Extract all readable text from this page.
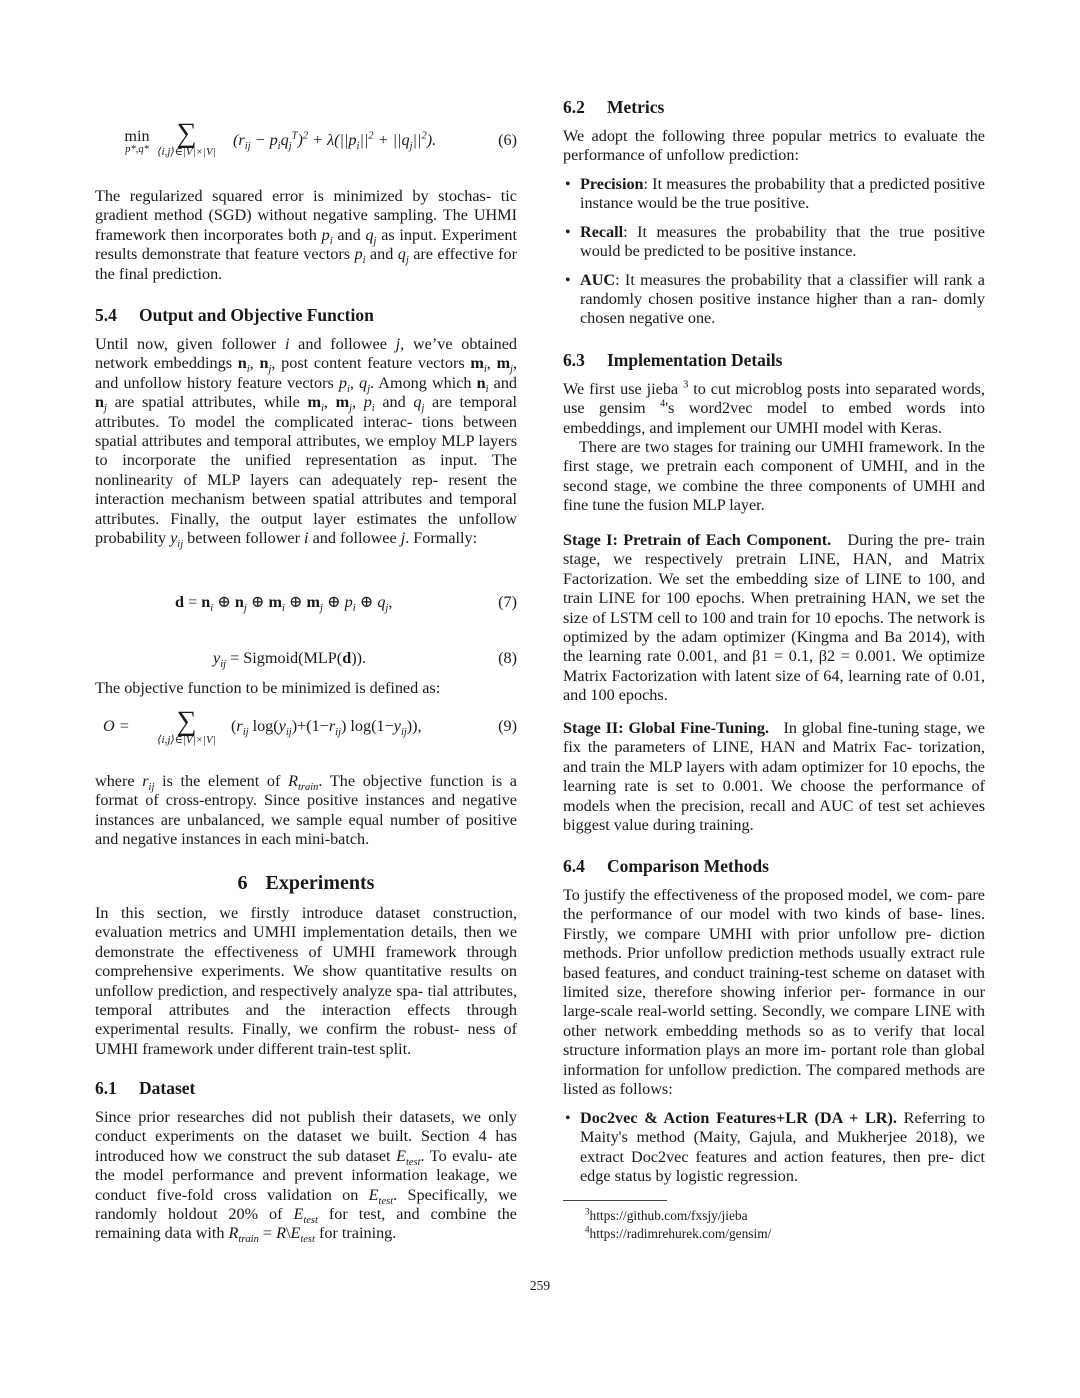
min
p*,q*
∑
⟨i,j⟩∈|V|×|V|
$(r_{ij} - p_iq_j^T)^2 + \lambda(||p_i||^2 + ||q_j||^2)$.	(6)

The regularized squared error is minimized by stochas- tic gradient method (SGD) without negative sampling. The UHMI framework then incorporates both $p_i$ and $q_j$ as input. Experiment results demonstrate that feature vectors $p_i$ and $q_j$ are effective for the final prediction.

5.4 Output and Objective Function

Until now, given follower i and followee j, we’ve obtained network embeddings $n_i$, $n_j$, post content feature vectors $m_i$, $m_j$, and unfollow history feature vectors $p_i$, $q_j$. Among which $n_i$ and $n_j$ are spatial attributes, while $m_i$, $m_j$, $p_i$ and $q_j$ are temporal attributes. To model the complicated interac- tions between spatial attributes and temporal attributes, we employ MLP layers to incorporate the unified representation as input. The nonlinearity of MLP layers can adequately rep- resent the interaction mechanism between spatial attributes and temporal attributes. Finally, the output layer estimates the unfollow probability $y_{ij}$ between follower i and followee j. Formally:

$d = n_i$ ⊕ $n_j$ ⊕ $m_i$ ⊕ $m_j$ ⊕ $p_i$ ⊕ $q_j$,	(7)
$y_{ij}$ = Sigmoid(MLP(d)).	(8)

The objective function to be minimized is defined as:

O =	∑
⟨i,j⟩∈|V|×|V|
($r_{ij}$ $\log(y_{ij})+(1-r_{ij})$ $\log(1-y_{ij})$),	(9)

where $r_{ij}$ is the element of $R_{train}$. The objective function is a format of cross-entropy. Since positive instances and negative instances are unbalanced, we sample equal number of positive and negative instances in each mini-batch.

6 Experiments

In this section, we firstly introduce dataset construction, evaluation metrics and UMHI implementation details, then we demonstrate the effectiveness of UMHI framework through comprehensive experiments. We show quantitative results on unfollow prediction, and respectively analyze spa- tial attributes, temporal attributes and the interaction effects through experimental results. Finally, we confirm the robust- ness of UMHI framework under different train-test split.

6.1 Dataset

Since prior researches did not publish their datasets, we only conduct experiments on the dataset we built. Section 4 has introduced how we construct the sub dataset $E_{test}$. To evalu- ate the model performance and prevent information leakage, we conduct five-fold cross validation on $E_{test}$. Specifically, we randomly holdout 20% of $E_{test}$ for test, and combine the remaining data with $R_{train}$ = $R\backslash E_{test}$ for training.

6.2 Metrics

We adopt the following three popular metrics to evaluate the performance of unfollow prediction:

• Precision: It measures the probability that a predicted positive instance would be the true positive.

• Recall: It measures the probability that the true positive would be predicted to be positive instance.

• AUC: It measures the probability that a classifier will rank a randomly chosen positive instance higher than a ran- domly chosen negative one.

6.3 Implementation Details

We first use jieba $^3$ to cut microblog posts into separated words, use gensim $^4$'s word2vec model to embed words into embeddings, and implement our UMHI model with Keras.

There are two stages for training our UMHI framework. In the first stage, we pretrain each component of UMHI, and in the second stage, we combine the three components of UMHI and fine tune the fusion MLP layer.

Stage I: Pretrain of Each Component. During the pre- train stage, we respectively pretrain LINE, HAN, and Matrix Factorization. We set the embedding size of LINE to 100, and train LINE for 100 epochs. When pretraining HAN, we set the size of LSTM cell to 100 and train for 10 epochs. The network is optimized by the adam optimizer (Kingma and Ba 2014), with the learning rate 0.001, and β1 = 0.1, β2 = 0.001. We optimize Matrix Factorization with latent size of 64, learning rate of 0.01, and 100 epochs.

Stage II: Global Fine-Tuning. In global fine-tuning stage, we fix the parameters of LINE, HAN and Matrix Fac- torization, and train the MLP layers with adam optimizer for 10 epochs, the learning rate is set to 0.001. We choose the performance of models when the precision, recall and AUC of test set achieves biggest value during training.

6.4 Comparison Methods

To justify the effectiveness of the proposed model, we com- pare the performance of our model with two kinds of base- lines. Firstly, we compare UMHI with prior unfollow pre- diction methods. Prior unfollow prediction methods usually extract rule based features, and conduct training-test scheme on dataset with limited size, therefore showing inferior per- formance in our large-scale real-world setting. Secondly, we compare LINE with other network embedding methods so as to verify that local structure information plays an more im- portant role than global information for unfollow prediction. The compared methods are listed as follows:

• Doc2vec & Action Features+LR (DA + LR). Referring to Maity's method (Maity, Gajula, and Mukherjee 2018), we extract Doc2vec features and action features, then pre- dict edge status by logistic regression.

$^3$https://github.com/fxsjy/jieba
$^4$https://radimrehurek.com/gensim/
259
